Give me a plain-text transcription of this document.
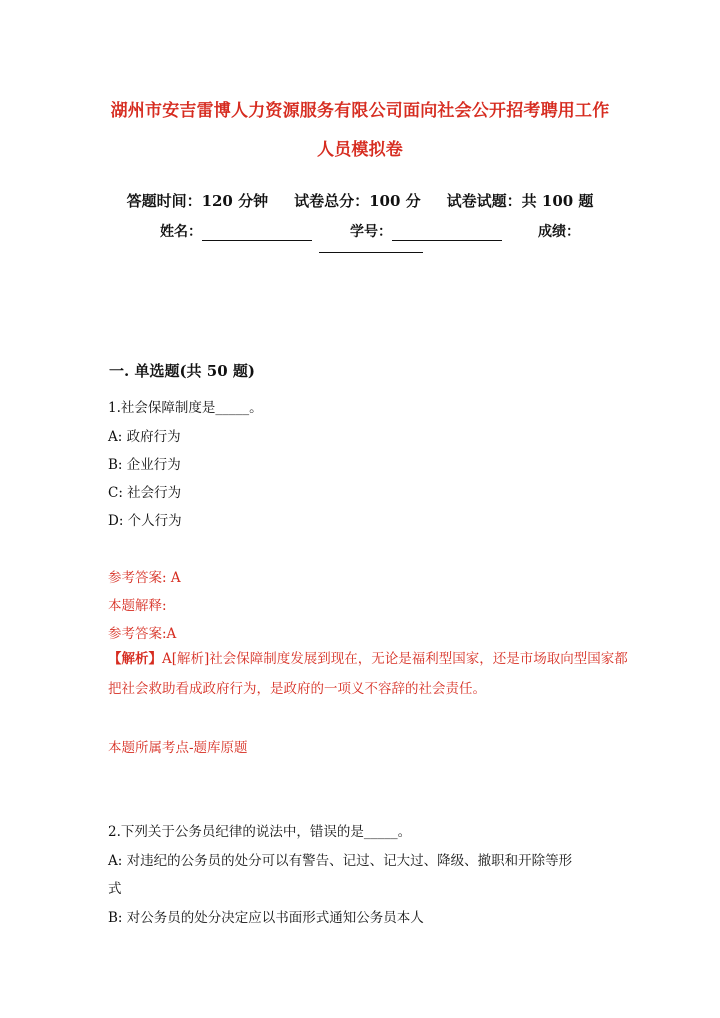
湖州市安吉雷博人力资源服务有限公司面向社会公开招考聘用工作
人员模拟卷
答题时间：120 分钟 试卷总分：100 分 试卷试题：共 100 题
姓名：	学号：	成绩：
一. 单选题(共 50 题)
1.社会保障制度是_____。
A: 政府行为
B: 企业行为
C: 社会行为
D: 个人行为
参考答案: A
本题解释:
参考答案:A
【解析】A[解析]社会保障制度发展到现在，无论是福利型国家，还是市场取向型国家都把社会救助看成政府行为，是政府的一项义不容辞的社会责任。
本题所属考点-题库原题
2.下列关于公务员纪律的说法中，错误的是_____。
A: 对违纪的公务员的处分可以有警告、记过、记大过、降级、撤职和开除等形
式
B: 对公务员的处分决定应以书面形式通知公务员本人
